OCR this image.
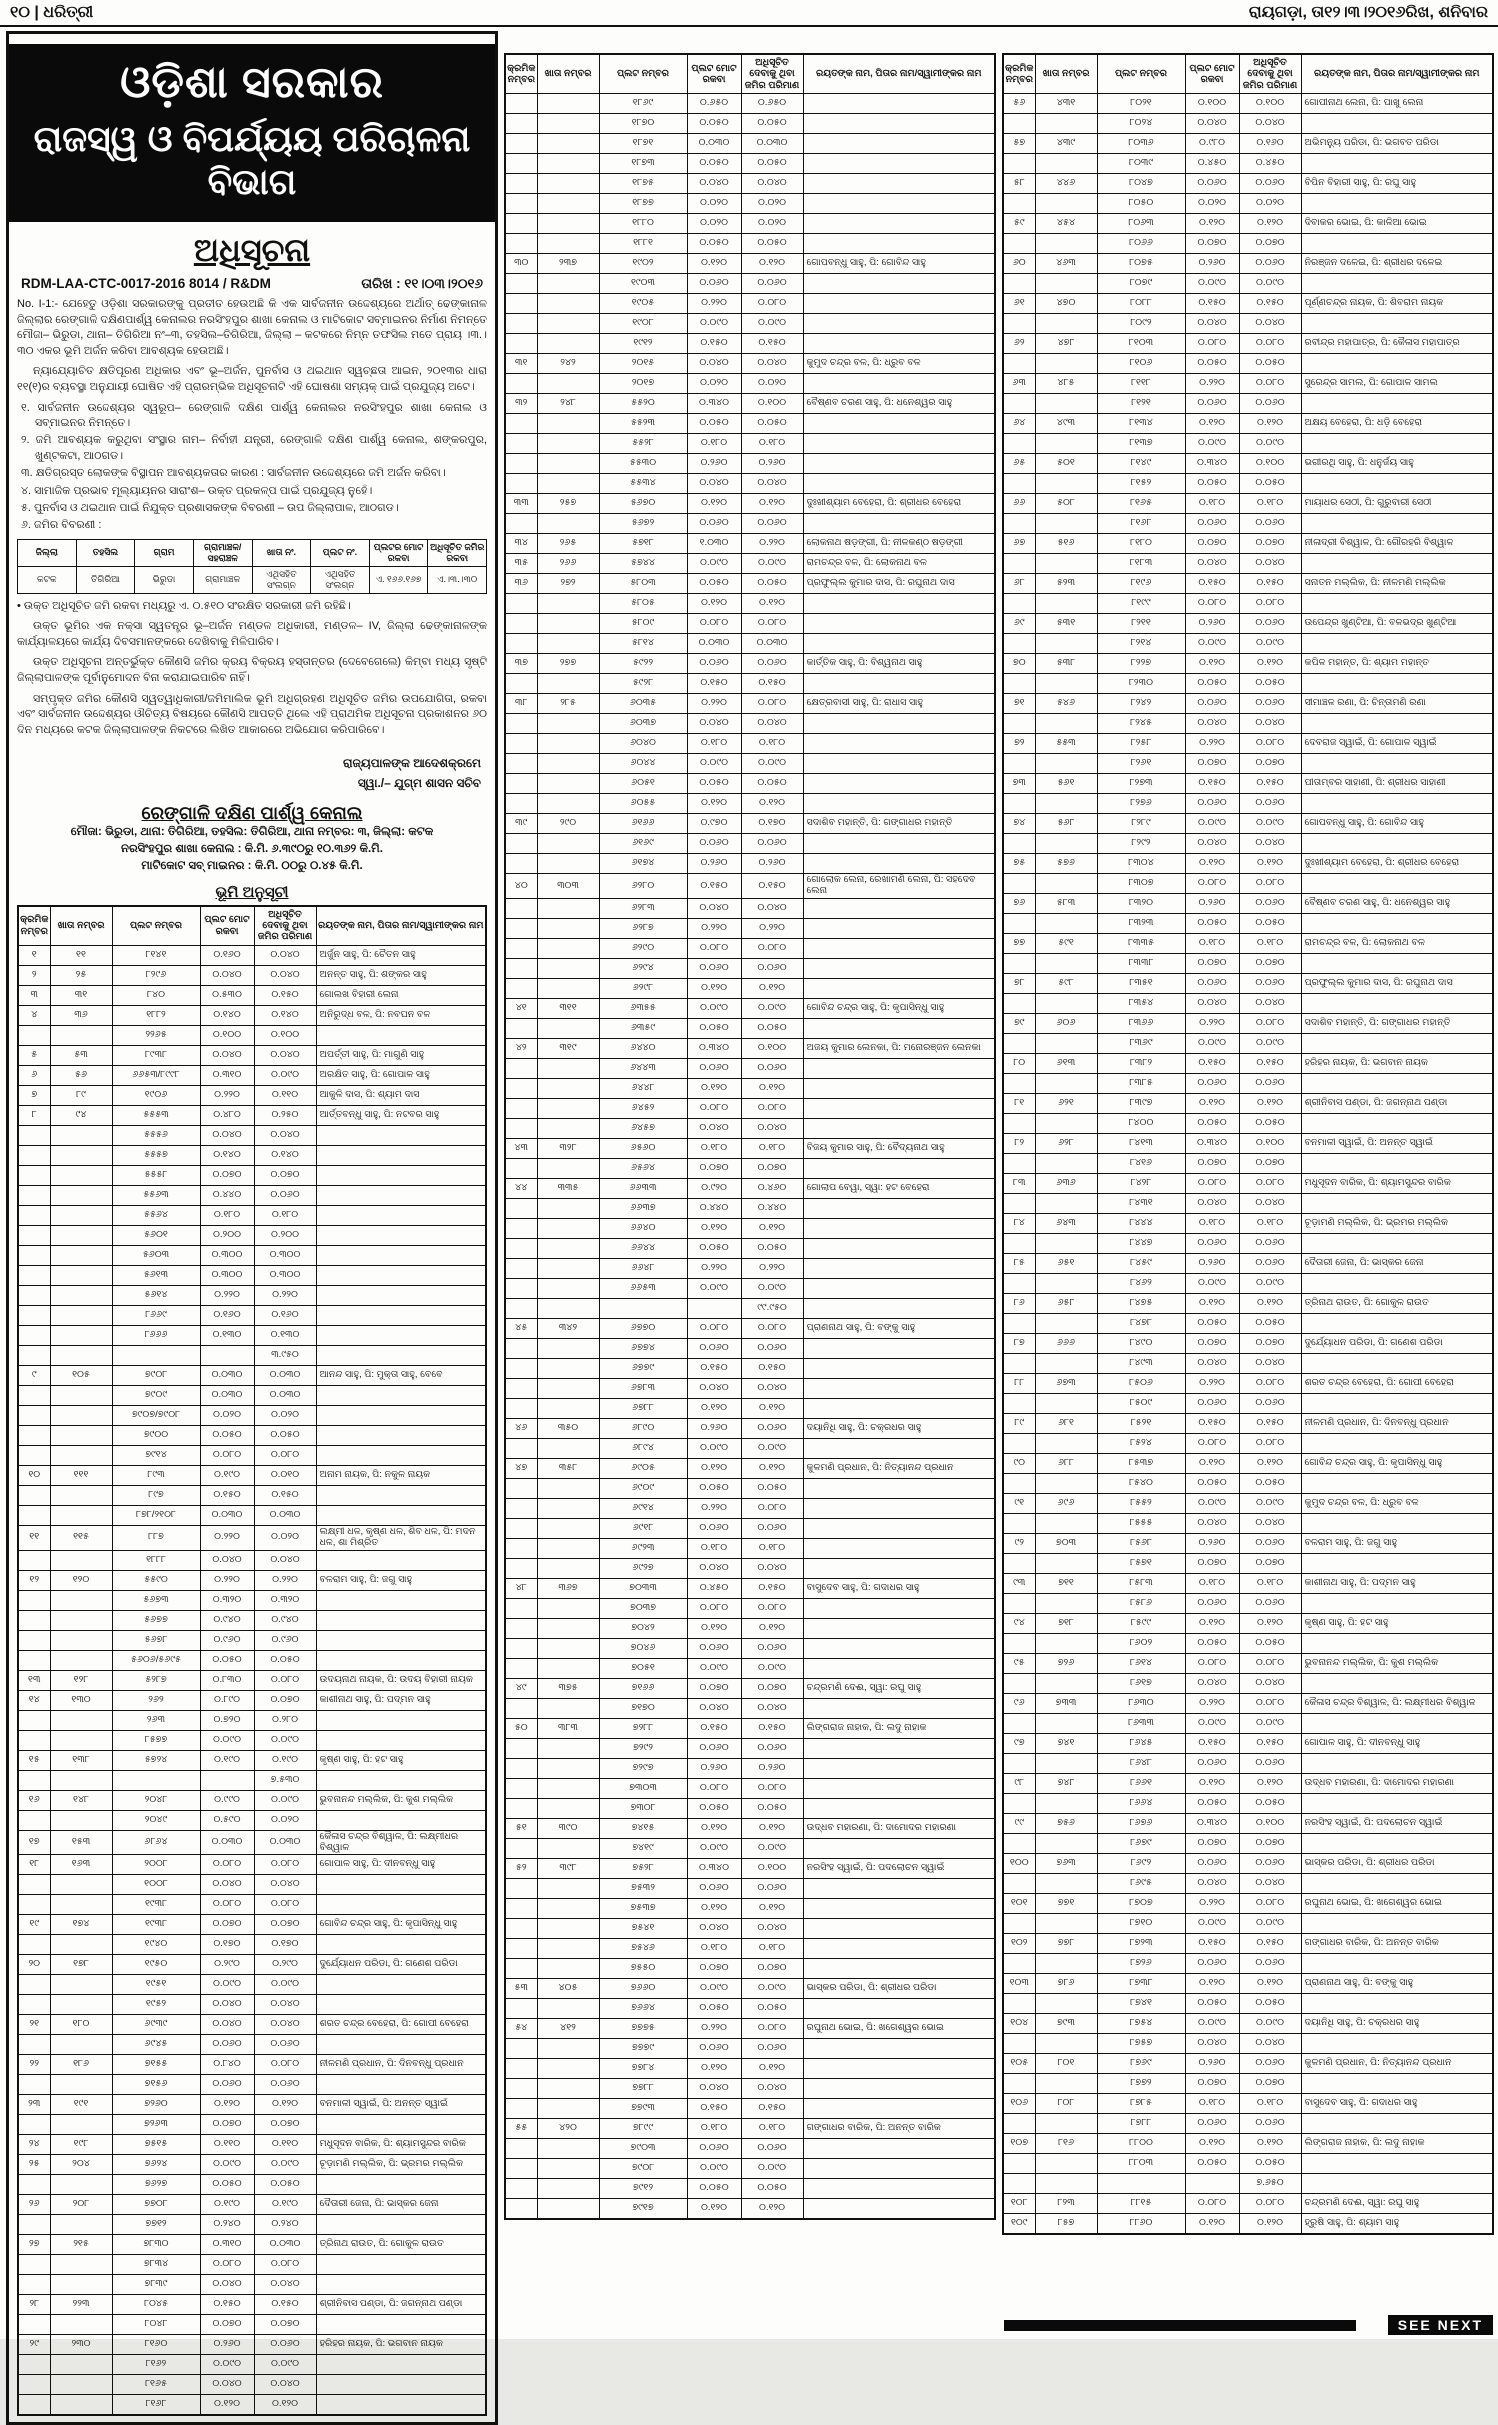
୧୦ | ଧରିତ୍ରୀ	ରାୟଗଡ଼ା, ତା୧୨।୩।୨୦୧୬ରିଖ, ଶନିବାର
ଓଡ଼ିଶା ସରକାର
ରାଜସ୍ୱ ଓ ବିପର୍ଯ୍ୟୟ ପରିଚାଳନା ବିଭାଗ
ଅଧିସୂଚନା
RDM-LAA-CTC-0017-2016 8014 / R&DM	ତାରିଖ : ୧୧।୦୩।୨୦୧୬
No. I-1:- ଯେହେତୁ ଓଡ଼ିଶା ସରକାରଙ୍କୁ ପ୍ରତୀତ ହେଉଅଛି କି ଏକ ସାର୍ବଜନୀନ ଉଦ୍ଦେଶ୍ୟରେ ଅର୍ଥାତ୍ ଢେଙ୍କାନାଳ ଜିଲ୍ଲାର ରେଙ୍ଗାଳି ଦକ୍ଷିଣପାର୍ଶ୍ୱ କେନାଲର ନରସିଂହପୁର ଶାଖା କେନାଲ ଓ ମାଟିକୋଟ ସବ୍‌ମାଇନର ନିର୍ମାଣ ନିମନ୍ତେ ମୌଜା– ଭିରୁଡା, ଥାନା– ତିଗିରିଆ ନଂ–୩, ତହସିଲ–ତିଗିରିଆ, ଜିଲ୍ଲା – କଟକରେ ନିମ୍ନ ତଫସିଲ ମତେ ପ୍ରାୟ ।୩.।୩୦ ଏକର ଭୂମି ଅର୍ଜନ କରିବା ଆବଶ୍ୟକ ହେଉଅଛି।
ନ୍ୟାଯ୍ୟୋଚିତ କ୍ଷତିପୂରଣ ଅଧିକାର ଏବଂ ଭୂ–ଅର୍ଜନ, ପୁନର୍ବାସ ଓ ଥଇଥାନ ସ୍ୱଚ୍ଛତା ଆଇନ, ୨୦୧୩ର ଧାରା ୧୧(୧)ର ବ୍ୟବସ୍ଥା ଅନୁଯାୟୀ ଘୋଷିତ ଏହି ପ୍ରାରମ୍ଭିକ ଅଧିସୂଚନାଟି ଏହି ଘୋଷଣା ସମ୍ୟକ୍ ପାଇଁ ପ୍ରଯୁଜ୍ୟ ଅଟେ।
୧. ସାର୍ବଜନୀନ ଉଦ୍ଦେଶ୍ୟର ସ୍ୱରୂପ– ରେଙ୍ଗାଳି ଦକ୍ଷିଣ ପାର୍ଶ୍ୱ କେନାଲର ନରସିଂହପୁର ଶାଖା କେନାଲ ଓ ସବ୍‌ମାଇନର ନିମନ୍ତେ।
୨. ଜମି ଆବଶ୍ୟକ କରୁଥିବା ସଂସ୍ଥାର ନାମ– ନିର୍ବାହୀ ଯନ୍ତ୍ରୀ, ରେଙ୍ଗାଳି ଦକ୍ଷିଣ ପାର୍ଶ୍ୱ କେନାଲ, ଶଙ୍କରପୁର, ଖୁଣ୍ଟକଟା, ଆଠଗଡ।
୩. କ୍ଷତିଗ୍ରସ୍ତ ଲୋକଙ୍କ ବିସ୍ଥାପନ ଆବଶ୍ୟକତାର କାରଣ : ସାର୍ବଜନୀନ ଉଦ୍ଦେଶ୍ୟରେ ଜମି ଅର୍ଜନ କରିବା।
୪. ସାମାଜିକ ପ୍ରଭାବ ମୂଲ୍ୟାୟନର ସାରାଂଶ– ଉକ୍ତ ପ୍ରକଳ୍ପ ପାଇଁ ପ୍ରଯୁଜ୍ୟ ନୁହେଁ।
୫. ପୁନର୍ବାସ ଓ ଥଇଥାନ ପାଇଁ ନିଯୁକ୍ତ ପ୍ରଶାସକଙ୍କ ବିବରଣୀ – ଉପ ଜିଲ୍ଲାପାଳ, ଆଠଗଡ।
୬. ଜମିର ବିବରଣୀ :
ଜିଲ୍ଲା	ତହସିଲ	ଗ୍ରାମ	ଗ୍ରାମାଞ୍ଚଳ/ସହରାଞ୍ଚଳ	ଖାତା ନଂ.	ପ୍ଲଟ ନଂ.	ପ୍ଲଟର ମୋଟ ରକବା	ଅଧିସୂଚିତ ଜମିର ରକବା
କଟକ	ତିଗିରିଆ	ଭିରୁଡା	ଗ୍ରାମାଞ୍ଚଳ	ଏଥିସହିତ ସଂଲଗ୍ନ	ଏଥିସହିତ ସଂଲଗ୍ନ	ଏ. ୧୬୬.୧୬୭	ଏ.।୩.।୩୦
• ଉକ୍ତ ଅଧିସୂଚିତ ଜମି ରକବା ମଧ୍ୟରୁ ଏ. ୦.୫୧୦ ସଂରକ୍ଷିତ ସରକାରୀ ଜମି ରହିଛି।
ଉକ୍ତ ଭୂମିର ଏକ ନକ୍ସା ସ୍ୱତନ୍ତ୍ର ଭୂ–ଅର୍ଜନ ମଣ୍ଡଳ ଅଧିକାରୀ, ମଣ୍ଡଳ– IV, ଜିଲ୍ଲା ଢେଙ୍କାନାଳଙ୍କ କାର୍ଯ୍ୟାଳୟରେ କାର୍ଯ୍ୟ ଦିବସମାନଙ୍କରେ ଦେଖିବାକୁ ମିଳିପାରିବ।
ଉକ୍ତ ଅଧିସୂଚନା ଅନ୍ତର୍ଭୁକ୍ତ କୌଣସି ଜମିର କ୍ରୟ ବିକ୍ରୟ ହସ୍ତାନ୍ତର (ଦେବେଗେଲେ) କିମ୍ବା ମଧ୍ୟ ସୃଷ୍ଟି ଜିଲ୍ଲାପାଳଙ୍କ ପୂର୍ବାନୁମୋଦନ ବିନା କରାଯାଇପାରିବ ନାହିଁ।
ସମ୍ପୃକ୍ତ ଜମିର କୌଣସି ସ୍ୱତ୍ୱାଧିକାରୀ/ଜମିମାଲିକ ଭୂମି ଅଧିଗ୍ରହଣ ଅଧିସୂଚିତ ଜମିର ଉପଯୋଗିତା, ରକବା ଏବଂ ସାର୍ବଜନୀନ ଉଦ୍ଦେଶ୍ୟର ଔଚିତ୍ୟ ବିଷୟରେ କୌଣସି ଆପତ୍ତି ଥିଲେ ଏହି ପ୍ରାଥମିକ ଅଧିସୂଚନା ପ୍ରକାଶନର ୬୦ ଦିନ ମଧ୍ୟରେ କଟକ ଜିଲ୍ଲାପାଳଙ୍କ ନିକଟରେ ଲିଖିତ ଆକାରରେ ଅଭିଯୋଗ କରିପାରିବେ।
ରାଜ୍ୟପାଳଙ୍କ ଆଦେଶକ୍ରମେ
ସ୍ୱା./– ଯୁଗ୍ମ ଶାସନ ସଚିବ
ରେଙ୍ଗାଳି ଦକ୍ଷିଣ ପାର୍ଶ୍ୱ କେନାଲ
ମୌଜା: ଭିରୁଡା, ଥାନା: ତିଗିରିଆ, ତହସିଲ: ତିଗିରିଆ, ଥାନା ନମ୍ବର: ୩, ଜିଲ୍ଲା: କଟକ
ନରସିଂହପୁର ଶାଖା କେନାଲ : କି.ମି. ୬.୩୯୦ରୁ ୧୦.୩୬୨ କି.ମି.
ମାଟିକୋଟ ସବ୍ ମାଇନର : କି.ମି. ୦୦ରୁ ୦.୪୫ କି.ମି.
ଭୂମି ଅନୁସୂଚୀ
କ୍ରମିକ ନମ୍ବର	ଖାତା ନମ୍ବର	ପ୍ଲଟ ନମ୍ବର	ପ୍ଲଟ ମୋଟ ରକବା	ଅଧିସୂଚିତ ଦେବାକୁ ଥିବା ଜମିର ପରିମାଣ	ରୟତଙ୍କ ନାମ, ପିତାର ନାମ/ସ୍ୱାମୀଙ୍କର ନାମ
୧	୧୧	୮୧୪୧	୦.୧୬୦	୦.୦୪୦	ଅର୍ଜୁନ ସାହୁ, ପି: ଚୈତନ ସାହୁ
୨	୨୫	୮୨୯୬	୦.୦୪୦	୦.୦୪୦	ଅନନ୍ତ ସାହୁ, ପି: ଶଙ୍କର ସାହୁ
୩	୩୧	୮୪୦	୦.୫୩୦	୦.୧୫୦	ଗୋଲଖ ବିହାରୀ ଲେନା
୪	୩୬	୧୮୮୨	୦.୧୪୦	୦.୧୪୦	ଅନିରୁଦ୍ଧ ବଳ, ପି: ନବଘନ ବଳ
		୨୨୬୫	୦.୧୦୦	୦.୧୦୦	
୫	୫୩	୮୯୩୮	୦.୦୪୦	୦.୦୪୦	ଅପର୍ତ୍ତୀ ସାହୁ, ପି: ମାଗୁଣି ସାହୁ
୬	୫୬	୬୬୫୩/୮୯୯୮	୦.୩୧୦	୦.୦୯୦	ଅରକ୍ଷିତ ସାହୁ, ପି: ଗୋପାଳ ସାହୁ
୭	୮୯	୧୯୦୬	୦.୨୨୦	୦.୧୧୦	ଆକୁଳି ଦାସ, ପି: ଶ୍ୟାମ ଦାସ
୮	୯୪	୫୫୫୩	୦.୪୮୦	୦.୨୫୦	ଆର୍ତ୍ତବନ୍ଧୁ ସାହୁ, ପି: ନଟବର ସାହୁ
		୫୫୫୬	୦.୦୪୦	୦.୦୪୦	
		୫୫୫୭	୦.୧୪୦	୦.୧୪୦	
		୫୫୫୮	୦.୦୭୦	୦.୦୭୦	
		୫୫୬୩	୦.୪୪୦	୦.୦୬୦	
		୫୫୬୪	୦.୧୮୦	୦.୧୮୦	
		୫୬୦୧	୦.୨୦୦	୦.୨୦୦	
		୫୬୦୩	୦.୩୦୦	୦.୩୦୦	
		୫୬୧୩	୦.୩୦୦	୦.୩୦୦	
		୫୬୧୪	୦.୨୨୦	୦.୨୨୦	
		୮୬୬୯	୦.୧୬୦	୦.୧୬୦	
		୮୬୬୬	୦.୧୩୦	୦.୧୩୦	
				୩.୯୫୦	
୯	୧୦୫	୭୯୦୮	୦.୦୩୦	୦.୦୩୦	ଆନନ୍ଦ ସାହୁ, ପି: ମୁକ୍ତା ସାହୁ, ବେବେ
		୭୯୦୯	୦.୦୩୦	୦.୦୩୦	
		୭୯୦୭/୭୯୦୮	୦.୦୨୦	୦.୦୨୦	
		୭୯୦୦	୦.୦୫୦	୦.୦୫୦	
		୭୯୧୪	୦.୦୮୦	୦.୦୮୦	
୧୦	୧୧୧	୮୯୩	୦.୧୯୦	୦.୦୧୦	ଅନାମ ନାୟକ, ପି: ନକୁଳ ନାୟକ
		୮୯୭	୦.୧୫୦	୦.୧୫୦	
		୮୭୮/୨୧୦୮	୦.୦୩୦	୦.୦୩୦	
୧୧	୧୧୫	୮୮୭	୦.୨୨୦	୦.୦୨୦	ଲକ୍ଷ୍ମୀ ଧଳ, କୃଷ୍ଣ ଧଳ, ଶିବ ଧଳ, ପି: ମଦନ ଧଳ, ଶା ମିଶ୍ରିତ
		୧୮୮୮	୦.୦୪୦	୦.୦୪୦	
୧୨	୧୨୦	୫୫୯୦	୦.୨୨୦	୦.୨୨୦	ବଳରାମ ସାହୁ, ପି: ଜଗୁ ସାହୁ
		୫୬୭୩	୦.୩୨୦	୦.୩୨୦	
		୫୬୭୭	୦.୯୪୦	୦.୯୪୦	
		୫୬୭୮	୦.୯୬୦	୦.୯୬୦	
		୫୬୦୬/୫୬୯୫	୦.୦୫୦	୦.୦୫୦	
୧୩	୧୨୮	୫୨୮୭	୦.୮୩୦	୦.୦୮୦	ଉଦୟନାଥ ନାୟକ, ପି: ଉଦୟ ବିହାରୀ ନାୟକ
୧୪	୧୩୦	୨୬୨	୦.୮୯୦	୦.୦୭୦	କାଶୀନାଥ ସାହୁ, ପି: ପଦ୍ମନ ସାହୁ
		୨୬୩	୦.୭୨୦	୦.୨୮୦	
		୮୫୭୭	୦.୦୯୦	୦.୦୯୦	
୧୫	୧୩୮	୫୭୨୪	୦.୧୯୦	୦.୧୯୦	କୃଷ୍ଣ ସାହୁ, ପି: ହଟ ସାହୁ
				୭.୫୩୦	
୧୬	୧୪୮	୨୦୪୮	୦.୯୯୦	୦.୦୯୦	ଭୁବନାନନ୍ଦ ମଲ୍ଲିକ, ପି: କୁଶ ମଲ୍ଲିକ
		୨୦୪୯	୦.୫୯୦	୦.୦୨୦	
୧୭	୧୫୩	୬୮୬୪	୦.୦୩୦	୦.୦୩୦	କୈଳାସ ଚନ୍ଦ୍ର ବିଶ୍ୱାଳ, ପି: ଲକ୍ଷ୍ମୀଧର ବିଶ୍ୱାଳ
୧୮	୧୬୩	୨୦୦୮	୦.୦୮୦	୦.୦୮୦	ଗୋପାଳ ସାହୁ, ପି: ଦୀନବନ୍ଧୁ ସାହୁ
		୧୦୦୮	୦.୦୪୦	୦.୦୪୦	
		୧୯୩୮	୦.୦୮୦	୦.୦୮୦	
୧୯	୧୭୪	୧୯୩୮	୦.୦୭୦	୦.୦୭୦	ଗୋବିନ୍ଦ ଚନ୍ଦ୍ର ସାହୁ, ପି: କୃପାସିନ୍ଧୁ ସାହୁ
		୧୯୪୦	୦.୧୭୦	୦.୧୭୦	
୨୦	୧୭୮	୧୯୫୦	୦.୨୯୦	୦.୨୯୦	ଦୁର୍ଯ୍ୟୋଧନ ପରିଡା, ପି: ଗଣେଶ ପରିଡା
		୧୯୫୧	୦.୦୯୦	୦.୦୯୦	
		୧୯୫୨	୦.୦୪୦	୦.୦୪୦	
୨୧	୧୮୦	୬୯୩୯	୦.୦୪୦	୦.୦୪୦	ଶରତ ଚନ୍ଦ୍ର ବେହେରା, ପି: ଗୋପୀ ବେହେରା
		୬୯୪୫	୦.୦୬୦	୦.୦୬୦	
୨୨	୧୮୬	୭୧୫୫	୦.୮୪୦	୦.୦୮୦	ନୀଳମଣି ପ୍ରଧାନ, ପି: ଦିନବନ୍ଧୁ ପ୍ରଧାନ
		୭୧୫୬	୦.୦୬୦	୦.୦୬୦	
୨୩	୧୯୧	୭୨୬୦	୦.୧୨୦	୦.୧୨୦	ବନମାଳୀ ସ୍ୱାଇଁ, ପି: ଅନନ୍ତ ସ୍ୱାଇଁ
		୭୨୬୩	୦.୦୭୦	୦.୦୭୦	
୨୪	୧୯୮	୭୫୧୫	୦.୧୧୦	୦.୧୧୦	ମଧୁସୂଦନ ବାରିକ, ପି: ଶ୍ୟାମସୁନ୍ଦର ବାରିକ
୨୫	୨୦୪	୭୬୨୪	୦.୦୯୦	୦.୦୯୦	ଚୂଡ଼ାମଣି ମଲ୍ଲିକ, ପି: ଭ୍ରମର ମଲ୍ଲିକ
		୭୬୨୭	୦.୦୫୦	୦.୦୫୦	
୨୬	୨୦୮	୭୭୦୮	୦.୧୯୦	୦.୧୯୦	ଦୈତାରୀ ଜେନା, ପି: ଭାସ୍କର ଜେନା
		୭୭୧୨	୦.୨୪୦	୦.୨୪୦	
୨୭	୨୧୫	୭୮୩୦	୦.୩୧୦	୦.୦୩୦	ତ୍ରିନାଥ ରାଉତ, ପି: ଗୋକୁଳ ରାଉତ
		୭୮୩୪	୦.୦୮୦	୦.୦୮୦	
		୭୮୩୯	୦.୦୪୦	୦.୦୪୦	
୨୮	୨୨୩	୮୦୪୫	୦.୧୫୦	୦.୧୫୦	ଶ୍ରୀନିବାସ ପଣ୍ଡା, ପି: ଜଗନ୍ନାଥ ପଣ୍ଡା
		୮୦୪୮	୦.୦୭୦	୦.୦୭୦	
୨୯	୨୩୦	୮୧୬୦	୦.୨୬୦	୦.୦୬୦	ହରିହର ନାୟକ, ପି: ଭଗବାନ ନାୟକ
		୮୧୬୨	୦.୦୯୦	୦.୦୯୦	
		୮୧୬୫	୦.୦୪୦	୦.୦୪୦	
		୮୧୬୮	୦.୧୨୦	୦.୧୨୦	
କ୍ରମିକ ନମ୍ବର	ଖାତା ନମ୍ବର	ପ୍ଲଟ ନମ୍ବର	ପ୍ଲଟ ମୋଟ ରକବା	ଅଧିସୂଚିତ ଦେବାକୁ ଥିବା ଜମିର ପରିମାଣ	ରୟତଙ୍କ ନାମ, ପିତାର ନାମ/ସ୍ୱାମୀଙ୍କର ନାମ
		୧୮୬୯	୦.୬୫୦	୦.୬୫୦	
		୧୮୭୦	୦.୦୫୦	୦.୦୫୦	
		୧୮୭୧	୦.୦୩୦	୦.୦୩୦	
		୧୮୭୩	୦.୦୫୦	୦.୦୫୦	
		୧୮୭୫	୦.୦୪୦	୦.୦୪୦	
		୧୮୭୭	୦.୦୨୦	୦.୦୨୦	
		୧୮୮୦	୦.୦୨୦	୦.୦୨୦	
		୧୮୮୧	୦.୦୫୦	୦.୦୫୦	
୩୦	୨୩୭	୧୯୦୨	୦.୧୨୦	୦.୧୨୦	ଗୋପବନ୍ଧୁ ସାହୁ, ପି: ଗୋବିନ୍ଦ ସାହୁ
		୧୯୦୩	୦.୦୬୦	୦.୦୬୦	
		୧୯୦୫	୦.୨୨୦	୦.୦୮୦	
		୧୯୦୮	୦.୦୯୦	୦.୦୯୦	
		୧୯୧୨	୦.୧୫୦	୦.୧୫୦	
୩୧	୨୪୨	୨୦୧୫	୦.୦୪୦	୦.୦୪୦	କୁମୁଦ ଚନ୍ଦ୍ର ବଳ, ପି: ଧ୍ରୁବ ବଳ
		୨୦୧୭	୦.୦୨୦	୦.୦୨୦	
୩୨	୨୪୮	୫୫୨୦	୦.୩୪୦	୦.୧୦୦	ବୈଷ୍ଣବ ଚରଣ ସାହୁ, ପି: ଧନେଶ୍ୱର ସାହୁ
		୫୫୨୩	୦.୦୫୦	୦.୦୫୦	
		୫୫୨୮	୦.୧୮୦	୦.୧୮୦	
		୫୫୩୦	୦.୨୬୦	୦.୨୬୦	
		୫୫୩୪	୦.୦୪୦	୦.୦୪୦	
୩୩	୨୫୭	୫୬୭୦	୦.୧୨୦	୦.୧୨୦	ଦୁଃଖୀଶ୍ୟାମ ବେହେରା, ପି: ଶ୍ରୀଧର ବେହେରା
		୫୬୭୨	୦.୦୬୦	୦.୦୬୦	
୩୪	୨୬୫	୫୭୧୮	୧.୦୩୦	୦.୨୨୦	ଲୋକନାଥ ଷଡ଼ଙ୍ଗୀ, ପି: ନୀଳକଣ୍ଠ ଷଡ଼ଙ୍ଗୀ
୩୫	୨୬୬	୫୭୪୪	୦.୦୯୦	୦.୦୯୦	ରାମଚନ୍ଦ୍ର ବଳ, ପି: ଲୋକନାଥ ବଳ
୩୬	୨୭୨	୫୮୦୩	୦.୦୫୦	୦.୦୫୦	ପ୍ରଫୁଲ୍ଲ କୁମାର ଦାସ, ପି: ରଘୁନାଥ ଦାସ
		୫୮୦୫	୦.୧୨୦	୦.୧୨୦	
		୫୮୦୯	୦.୦୮୦	୦.୦୮୦	
		୫୮୧୪	୦.୦୩୦	୦.୦୩୦	
୩୭	୨୭୭	୫୯୨୨	୦.୦୬୦	୦.୦୬୦	କାର୍ତ୍ତିକ ସାହୁ, ପି: ବିଶ୍ୱନାଥ ସାହୁ
		୫୯୨୮	୦.୧୫୦	୦.୧୫୦	
୩୮	୨୮୫	୬୦୩୫	୦.୨୨୦	୦.୦୮୦	କ୍ଷେତ୍ରବାସୀ ସାହୁ, ପି: ରାଧାସ ସାହୁ
		୬୦୩୭	୦.୦୪୦	୦.୦୪୦	
		୬୦୪୦	୦.୧୮୦	୦.୧୮୦	
		୬୦୪୪	୦.୦୯୦	୦.୦୯୦	
		୬୦୫୧	୦.୦୫୦	୦.୦୫୦	
		୬୦୫୫	୦.୧୨୦	୦.୧୨୦	
୩୯	୨୯୦	୬୧୬୬	୦.୯୭୦	୦.୧୭୦	ସଦାଶିବ ମହାନ୍ତି, ପି: ଗଙ୍ଗାଧର ମହାନ୍ତି
		୬୧୬୯	୦.୦୬୦	୦.୦୬୦	
		୬୧୭୪	୦.୨୬୦	୦.୨୬୦	
୪୦	୩୦୩	୬୨୮୦	୦.୧୫୦	୦.୧୫୦	ଗୋଲୋକ ଲେନା, ରେଖାମଣି ଲେନା, ପି: ସହଦେବ ଲେନା
		୬୨୮୩	୦.୦୪୦	୦.୦୪୦	
		୬୨୮୭	୦.୨୨୦	୦.୨୨୦	
		୬୨୯୦	୦.୦୮୦	୦.୦୮୦	
		୬୨୯୪	୦.୦୬୦	୦.୦୬୦	
		୬୨୯୮	୦.୧୨୦	୦.୧୨୦	
୪୧	୩୧୧	୬୩୫୫	୦.୦୯୦	୦.୦୯୦	ଗୋବିନ୍ଦ ଚନ୍ଦ୍ର ସାହୁ, ପି: କୃପାସିନ୍ଧୁ ସାହୁ
		୬୩୫୯	୦.୦୫୦	୦.୦୫୦	
୪୨	୩୧୯	୬୪୪୦	୦.୩୪୦	୦.୧୦୦	ଅଜୟ କୁମାର ଲେନକା, ପି: ମନୋରଞ୍ଜନ ଲେନକା
		୬୪୪୩	୦.୦୬୦	୦.୦୬୦	
		୬୪୪୮	୦.୧୨୦	୦.୧୨୦	
		୬୪୫୨	୦.୦୮୦	୦.୦୮୦	
		୬୪୫୭	୦.୦୪୦	୦.୦୪୦	
୪୩	୩୨୮	୬୫୬୦	୦.୧୮୦	୦.୧୮୦	ବିଜୟ କୁମାର ସାହୁ, ପି: ବୈଦ୍ୟନାଥ ସାହୁ
		୬୫୬୪	୦.୦୭୦	୦.୦୭୦	
୪୪	୩୩୫	୬୬୩୩	୦.୯୨୦	୦.୪୬୦	ଗୋଲାପ ବେୱା, ସ୍ୱା: ହଟ ବେହେରା
		୬୬୩୭	୦.୪୪୦	୦.୪୪୦	
		୬୬୪୦	୦.୧୨୦	୦.୧୨୦	
		୬୬୪୪	୦.୦୫୦	୦.୦୫୦	
		୬୬୪୮	୦.୨୨୦	୦.୨୨୦	
		୬୬୫୩	୦.୦୯୦	୦.୦୯୦	
				୯୯.୯୫୦	
୪୫	୩୪୨	୬୭୭୦	୦.୦୮୦	୦.୦୮୦	ପ୍ରାଣନାଥ ସାହୁ, ପି: ବଙ୍କୁ ସାହୁ
		୬୭୭୪	୦.୦୬୦	୦.୦୬୦	
		୬୭୭୯	୦.୧୫୦	୦.୧୫୦	
		୬୭୮୩	୦.୦୪୦	୦.୦୪୦	
		୬୭୮୮	୦.୧୨୦	୦.୧୨୦	
୪୬	୩୫୦	୬୮୯୦	୦.୨୬୦	୦.୦୬୦	ଦୟାନିଧି ସାହୁ, ପି: ଚକ୍ରଧର ସାହୁ
		୬୮୯୪	୦.୦୯୦	୦.୦୯୦	
୪୭	୩୫୮	୬୯୦୫	୦.୧୨୦	୦.୧୨୦	କୁଳମଣି ପ୍ରଧାନ, ପି: ନିତ୍ୟାନନ୍ଦ ପ୍ରଧାନ
		୬୯୦୯	୦.୦୫୦	୦.୦୫୦	
		୬୯୧୪	୦.୨୨୦	୦.୦୮୦	
		୬୯୧୮	୦.୦୬୦	୦.୦୬୦	
		୬୯୨୩	୦.୧୮୦	୦.୧୮୦	
		୬୯୨୭	୦.୦୪୦	୦.୦୪୦	
୪୮	୩୬୭	୭୦୩୩	୦.୪୫୦	୦.୧୫୦	ବାସୁଦେବ ସାହୁ, ପି: ଗଦାଧର ସାହୁ
		୭୦୩୭	୦.୦୮୦	୦.୦୮୦	
		୭୦୪୨	୦.୧୨୦	୦.୧୨୦	
		୭୦୪୬	୦.୦୬୦	୦.୦୬୦	
		୭୦୫୧	୦.୦୯୦	୦.୦୯୦	
୪୯	୩୭୫	୭୧୬୬	୦.୦୭୦	୦.୦୭୦	ଚନ୍ଦ୍ରମଣି ଦେଈ, ସ୍ୱା: ରଘୁ ସାହୁ
		୭୧୭୦	୦.୦୪୦	୦.୦୪୦	
୫୦	୩୮୩	୭୨୮୮	୦.୧୫୦	୦.୧୫୦	ଲିଙ୍ଗରାଜ ନାହାକ, ପି: ଲଦୁ ନାହାକ
		୭୨୯୨	୦.୦୬୦	୦.୦୬୦	
		୭୨୯୭	୦.୨୬୦	୦.୨୬୦	
		୭୩୦୩	୦.୦୮୦	୦.୦୮୦	
		୭୩୦୮	୦.୦୫୦	୦.୦୫୦	
୫୧	୩୯୦	୭୪୧୫	୦.୧୨୦	୦.୧୨୦	ଉଦ୍ଧବ ମହାରଣା, ପି: ଦାମୋଦର ମହାରଣା
		୭୪୧୯	୦.୦୯୦	୦.୦୯୦	
୫୨	୩୯୮	୭୫୨୮	୦.୩୪୦	୦.୧୦୦	ନରସିଂହ ସ୍ୱାଇଁ, ପି: ପଦଲୋଚନ ସ୍ୱାଇଁ
		୭୫୩୨	୦.୦୬୦	୦.୦୬୦	
		୭୫୩୭	୦.୧୨୦	୦.୧୨୦	
		୭୫୪୧	୦.୦୪୦	୦.୦୪୦	
		୭୫୪୬	୦.୧୮୦	୦.୧୮୦	
		୭୫୫୦	୦.୦୭୦	୦.୦୭୦	
୫୩	୪୦୫	୭୬୬୦	୦.୦୯୦	୦.୦୯୦	ଭାସ୍କର ପରିଡା, ପି: ଶ୍ରୀଧର ପରିଡା
		୭୬୬୪	୦.୦୫୦	୦.୦୫୦	
୫୪	୪୧୨	୭୭୭୫	୦.୨୨୦	୦.୦୮୦	ରଘୁନାଥ ଭୋଇ, ପି: ଖଗେଶ୍ୱର ଭୋଇ
		୭୭୭୯	୦.୦୬୦	୦.୦୬୦	
		୭୭୮୪	୦.୧୨୦	୦.୧୨୦	
		୭୭୮୮	୦.୦୪୦	୦.୦୪୦	
		୭୭୯୩	୦.୧୫୦	୦.୧୫୦	
୫୫	୪୨୦	୭୮୯୯	୦.୧୮୦	୦.୧୮୦	ଗଙ୍ଗାଧର ବାରିକ, ପି: ଅନନ୍ତ ବାରିକ
		୭୯୦୩	୦.୦୬୦	୦.୦୬୦	
		୭୯୦୮	୦.୦୯୦	୦.୦୯୦	
		୭୯୧୨	୦.୦୫୦	୦.୦୫୦	
		୭୯୧୭	୦.୧୨୦	୦.୧୨୦	
କ୍ରମିକ ନମ୍ବର	ଖାତା ନମ୍ବର	ପ୍ଲଟ ନମ୍ବର	ପ୍ଲଟ ମୋଟ ରକବା	ଅଧିସୂଚିତ ଦେବାକୁ ଥିବା ଜମିର ପରିମାଣ	ରୟତଙ୍କ ନାମ, ପିତାର ନାମ/ସ୍ୱାମୀଙ୍କର ନାମ
୫୬	୪୩୧	୮୦୨୧	୦.୧୦୦	୦.୧୦୦	ଗୋପୀନାଥ ଲେନା, ପି: ପାଖୁ ଲେନା
		୮୦୨୪	୦.୦୪୦	୦.୦୪୦	
୫୭	୪୩୯	୮୦୩୬	୦.୯୮୦	୦.୧୬୦	ଅଭିମନ୍ୟୁ ପରିଡା, ପି: ଭଗବତ ପରିଡା
		୮୦୩୯	୦.୪୫୦	୦.୪୫୦	
୫୮	୪୪୬	୮୦୪୭	୦.୦୬୦	୦.୦୬୦	ବିପିନ ବିହାରୀ ସାହୁ, ପି: ରଘୁ ସାହୁ
		୮୦୫୦	୦.୦୨୦	୦.୦୨୦	
୫୯	୪୫୪	୮୦୬୩	୦.୧୨୦	୦.୧୨୦	ଦିବାକର ଭୋଇ, ପି: କାଳିଆ ଭୋଇ
		୮୦୬୬	୦.୦୭୦	୦.୦୭୦	
୬୦	୪୬୩	୮୦୭୫	୦.୨୬୦	୦.୦୬୦	ନିରଞ୍ଜନ ଦଳେଇ, ପି: ଶ୍ରୀଧର ଦଳେଇ
		୮୦୭୯	୦.୦୯୦	୦.୦୯୦	
୬୧	୪୭୦	୮୦୮୮	୦.୧୫୦	୦.୧୫୦	ପୂର୍ଣ୍ଣଚନ୍ଦ୍ର ନାୟକ, ପି: ଶିବରାମ ନାୟକ
		୮୦୯୨	୦.୦୪୦	୦.୦୪୦	
୬୨	୪୭୮	୮୧୦୩	୦.୦୮୦	୦.୦୮୦	ରବୀନ୍ଦ୍ର ମହାପାତ୍ର, ପି: କୈଳାସ ମହାପାତ୍ର
		୮୧୦୬	୦.୦୫୦	୦.୦୫୦	
୬୩	୪୮୫	୮୧୧୮	୦.୨୨୦	୦.୦୮୦	ସୁରେନ୍ଦ୍ର ସାମଲ, ପି: ଗୋପାଳ ସାମଲ
		୮୧୨୧	୦.୦୬୦	୦.୦୬୦	
୬୪	୪୯୩	୮୧୩୪	୦.୧୨୦	୦.୧୨୦	ଅକ୍ଷୟ ବେହେରା, ପି: ଧଡ଼ି ବେହେରା
		୮୧୩୭	୦.୦୯୦	୦.୦୯୦	
୬୫	୫୦୧	୮୧୪୯	୦.୩୪୦	୦.୧୦୦	ଭଗୀରଥି ସାହୁ, ପି: ଧନୁର୍ଜୟ ସାହୁ
		୮୧୫୨	୦.୦୫୦	୦.୦୫୦	
୬୬	୫୦୮	୮୧୬୫	୦.୧୮୦	୦.୧୮୦	ମାୟାଧର ସେଠୀ, ପି: ଗୁରୁବାରୀ ସେଠୀ
		୮୧୬୮	୦.୦୬୦	୦.୦୬୦	
୬୭	୫୧୬	୮୧୮୦	୦.୦୭୦	୦.୦୭୦	ନୀଳାଦ୍ରୀ ବିଶ୍ୱାଳ, ପି: ଗୌରହରି ବିଶ୍ୱାଳ
		୮୧୮୩	୦.୦୪୦	୦.୦୪୦	
୬୮	୫୨୩	୮୧୯୬	୦.୧୫୦	୦.୧୫୦	ସନାତନ ମଲ୍ଲିକ, ପି: ନୀଳମଣି ମଲ୍ଲିକ
		୮୧୯୯	୦.୦୮୦	୦.୦୮୦	
୬୯	୫୩୧	୮୨୧୧	୦.୨୬୦	୦.୦୬୦	ଉପେନ୍ଦ୍ର ଖୁଣ୍ଟିଆ, ପି: ବଳଭଦ୍ର ଖୁଣ୍ଟିଆ
		୮୨୧୪	୦.୦୯୦	୦.୦୯୦	
୭୦	୫୩୮	୮୨୨୭	୦.୧୨୦	୦.୧୨୦	କପିଳ ମହାନ୍ତ, ପି: ଶ୍ୟାମ ମହାନ୍ତ
		୮୨୩୦	୦.୦୫୦	୦.୦୫୦	
୭୧	୫୪୬	୮୨୪୨	୦.୦୬୦	୦.୦୬୦	ସୀମାଞ୍ଚଳ ରଣା, ପି: ଚିନ୍ତାମଣି ରଣା
		୮୨୪୫	୦.୦୪୦	୦.୦୪୦	
୭୨	୫୫୩	୮୨୫୮	୦.୨୨୦	୦.୦୮୦	ଦେବରାଜ ସ୍ୱାଇଁ, ପି: ଗୋପାଳ ସ୍ୱାଇଁ
		୮୨୬୧	୦.୦୭୦	୦.୦୭୦	
୭୩	୫୬୧	୮୨୭୩	୦.୧୫୦	୦.୧୫୦	ପୀତାମ୍ବର ସାହାଣୀ, ପି: ଶ୍ରୀଧର ସାହାଣୀ
		୮୨୭୬	୦.୦୬୦	୦.୦୬୦	
୭୪	୫୬୮	୮୨୮୯	୦.୦୯୦	୦.୦୯୦	ଗୋପବନ୍ଧୁ ସାହୁ, ପି: ଗୋବିନ୍ଦ ସାହୁ
		୮୨୯୨	୦.୦୪୦	୦.୦୪୦	
୭୫	୫୭୬	୮୩୦୪	୦.୧୨୦	୦.୧୨୦	ଦୁଃଖୀଶ୍ୟାମ ବେହେରା, ପି: ଶ୍ରୀଧର ବେହେରା
		୮୩୦୭	୦.୦୮୦	୦.୦୮୦	
୭୬	୫୮୩	୮୩୨୦	୦.୨୬୦	୦.୦୬୦	ବୈଷ୍ଣବ ଚରଣ ସାହୁ, ପି: ଧନେଶ୍ୱର ସାହୁ
		୮୩୨୩	୦.୦୫୦	୦.୦୫୦	
୭୭	୫୯୧	୮୩୩୫	୦.୧୮୦	୦.୧୮୦	ରାମଚନ୍ଦ୍ର ବଳ, ପି: ଲୋକନାଥ ବଳ
		୮୩୩୮	୦.୦୭୦	୦.୦୭୦	
୭୮	୫୯୮	୮୩୫୧	୦.୦୬୦	୦.୦୬୦	ପ୍ରଫୁଲ୍ଲ କୁମାର ଦାସ, ପି: ରଘୁନାଥ ଦାସ
		୮୩୫୪	୦.୦୪୦	୦.୦୪୦	
୭୯	୬୦୬	୮୩୬୬	୦.୨୨୦	୦.୦୮୦	ସଦାଶିବ ମହାନ୍ତି, ପି: ଗଙ୍ଗାଧର ମହାନ୍ତି
		୮୩୬୯	୦.୦୯୦	୦.୦୯୦	
୮୦	୬୧୩	୮୩୮୨	୦.୧୫୦	୦.୧୫୦	ହରିହର ନାୟକ, ପି: ଭଗବାନ ନାୟକ
		୮୩୮୫	୦.୦୬୦	୦.୦୬୦	
୮୧	୬୨୧	୮୩୯୭	୦.୧୨୦	୦.୧୨୦	ଶ୍ରୀନିବାସ ପଣ୍ଡା, ପି: ଜଗନ୍ନାଥ ପଣ୍ଡା
		୮୪୦୦	୦.୦୫୦	୦.୦୫୦	
୮୨	୬୨୮	୮୪୧୩	୦.୩୪୦	୦.୧୦୦	ବନମାଳୀ ସ୍ୱାଇଁ, ପି: ଅନନ୍ତ ସ୍ୱାଇଁ
		୮୪୧୬	୦.୦୭୦	୦.୦୭୦	
୮୩	୬୩୬	୮୪୨୮	୦.୦୮୦	୦.୦୮୦	ମଧୁସୂଦନ ବାରିକ, ପି: ଶ୍ୟାମସୁନ୍ଦର ବାରିକ
		୮୪୩୧	୦.୦୪୦	୦.୦୪୦	
୮୪	୬୪୩	୮୪୪୪	୦.୧୮୦	୦.୧୮୦	ଚୂଡ଼ାମଣି ମଲ୍ଲିକ, ପି: ଭ୍ରମର ମଲ୍ଲିକ
		୮୪୪୭	୦.୦୬୦	୦.୦୬୦	
୮୫	୬୫୧	୮୪୫୯	୦.୨୬୦	୦.୦୬୦	ଦୈତାରୀ ଜେନା, ପି: ଭାସ୍କର ଜେନା
		୮୪୬୨	୦.୦୯୦	୦.୦୯୦	
୮୬	୬୫୮	୮୪୭୫	୦.୧୨୦	୦.୧୨୦	ତ୍ରିନାଥ ରାଉତ, ପି: ଗୋକୁଳ ରାଉତ
		୮୪୭୮	୦.୦୫୦	୦.୦୫୦	
୮୭	୬୬୬	୮୪୯୦	୦.୦୭୦	୦.୦୭୦	ଦୁର୍ଯ୍ୟୋଧନ ପରିଡା, ପି: ଗଣେଶ ପରିଡା
		୮୪୯୩	୦.୦୪୦	୦.୦୪୦	
୮୮	୬୭୩	୮୫୦୬	୦.୨୨୦	୦.୦୮୦	ଶରତ ଚନ୍ଦ୍ର ବେହେରା, ପି: ଗୋପୀ ବେହେରା
		୮୫୦୯	୦.୦୬୦	୦.୦୬୦	
୮୯	୬୮୧	୮୫୨୧	୦.୧୫୦	୦.୧୫୦	ନୀଳମଣି ପ୍ରଧାନ, ପି: ଦିନବନ୍ଧୁ ପ୍ରଧାନ
		୮୫୨୪	୦.୦୮୦	୦.୦୮୦	
୯୦	୬୮୮	୮୫୩୭	୦.୧୨୦	୦.୧୨୦	ଗୋବିନ୍ଦ ଚନ୍ଦ୍ର ସାହୁ, ପି: କୃପାସିନ୍ଧୁ ସାହୁ
		୮୫୪୦	୦.୦୫୦	୦.୦୫୦	
୯୧	୬୯୬	୮୫୫୨	୦.୦୯୦	୦.୦୯୦	କୁମୁଦ ଚନ୍ଦ୍ର ବଳ, ପି: ଧ୍ରୁବ ବଳ
		୮୫୫୫	୦.୦୪୦	୦.୦୪୦	
୯୨	୭୦୩	୮୫୬୮	୦.୨୬୦	୦.୦୬୦	ବଳରାମ ସାହୁ, ପି: ଜଗୁ ସାହୁ
		୮୫୭୧	୦.୦୭୦	୦.୦୭୦	
୯୩	୭୧୧	୮୫୮୩	୦.୧୮୦	୦.୧୮୦	କାଶୀନାଥ ସାହୁ, ପି: ପଦ୍ମନ ସାହୁ
		୮୫୮୬	୦.୦୬୦	୦.୦୬୦	
୯୪	୭୧୮	୮୫୯୯	୦.୧୨୦	୦.୧୨୦	କୃଷ୍ଣ ସାହୁ, ପି: ହଟ ସାହୁ
		୮୬୦୨	୦.୦୫୦	୦.୦୫୦	
୯୫	୭୨୬	୮୬୧୪	୦.୦୮୦	୦.୦୮୦	ଭୁବନାନନ୍ଦ ମଲ୍ଲିକ, ପି: କୁଶ ମଲ୍ଲିକ
		୮୬୧୭	୦.୦୪୦	୦.୦୪୦	
୯୬	୭୩୩	୮୬୩୦	୦.୨୨୦	୦.୦୮୦	କୈଳାସ ଚନ୍ଦ୍ର ବିଶ୍ୱାଳ, ପି: ଲକ୍ଷ୍ମୀଧର ବିଶ୍ୱାଳ
		୮୬୩୩	୦.୦୯୦	୦.୦୯୦	
୯୭	୭୪୧	୮୬୪୫	୦.୧୫୦	୦.୧୫୦	ଗୋପାଳ ସାହୁ, ପି: ଦୀନବନ୍ଧୁ ସାହୁ
		୮୬୪୮	୦.୦୬୦	୦.୦୬୦	
୯୮	୭୪୮	୮୬୬୧	୦.୧୨୦	୦.୧୨୦	ଉଦ୍ଧବ ମହାରଣା, ପି: ଦାମୋଦର ମହାରଣା
		୮୬୬୪	୦.୦୫୦	୦.୦୫୦	
୯୯	୭୫୬	୮୬୭୬	୦.୩୪୦	୦.୧୦୦	ନରସିଂହ ସ୍ୱାଇଁ, ପି: ପଦଲୋଚନ ସ୍ୱାଇଁ
		୮୬୭୯	୦.୦୭୦	୦.୦୭୦	
୧୦୦	୭୬୩	୮୬୯୨	୦.୦୬୦	୦.୦୬୦	ଭାସ୍କର ପରିଡା, ପି: ଶ୍ରୀଧର ପରିଡା
		୮୬୯୫	୦.୦୪୦	୦.୦୪୦	
୧୦୧	୭୭୧	୮୭୦୭	୦.୨୨୦	୦.୦୮୦	ରଘୁନାଥ ଭୋଇ, ପି: ଖଗେଶ୍ୱର ଭୋଇ
		୮୭୧୦	୦.୦୯୦	୦.୦୯୦	
୧୦୨	୭୭୮	୮୭୨୩	୦.୧୫୦	୦.୧୫୦	ଗଙ୍ଗାଧର ବାରିକ, ପି: ଅନନ୍ତ ବାରିକ
		୮୭୨୬	୦.୦୬୦	୦.୦୬୦	
୧୦୩	୭୮୬	୮୭୩୮	୦.୧୨୦	୦.୧୨୦	ପ୍ରାଣନାଥ ସାହୁ, ପି: ବଙ୍କୁ ସାହୁ
		୮୭୪୧	୦.୦୫୦	୦.୦୫୦	
୧୦୪	୭୯୩	୮୭୫୪	୦.୦୯୦	୦.୦୯୦	ଦୟାନିଧି ସାହୁ, ପି: ଚକ୍ରଧର ସାହୁ
		୮୭୫୭	୦.୦୪୦	୦.୦୪୦	
୧୦୫	୮୦୧	୮୭୬୯	୦.୨୬୦	୦.୦୬୦	କୁଳମଣି ପ୍ରଧାନ, ପି: ନିତ୍ୟାନନ୍ଦ ପ୍ରଧାନ
		୮୭୭୨	୦.୦୭୦	୦.୦୭୦	
୧୦୬	୮୦୮	୮୭୮୫	୦.୧୮୦	୦.୧୮୦	ବାସୁଦେବ ସାହୁ, ପି: ଗଦାଧର ସାହୁ
		୮୭୮୮	୦.୦୬୦	୦.୦୬୦	
୧୦୭	୮୧୬	୮୮୦୦	୦.୧୨୦	୦.୧୨୦	ଲିଙ୍ଗରାଜ ନାହାକ, ପି: ଲଦୁ ନାହାକ
		୮୮୦୩	୦.୦୫୦	୦.୦୫୦	
				୭.୬୫୦	
୧୦୮	୮୨୩	୮୮୧୫	୦.୦୮୦	୦.୦୮୦	ଚନ୍ଦ୍ରମଣି ଦେଈ, ସ୍ୱା: ରଘୁ ସାହୁ
୧୦୯	୮୫୭	୮୮୬୦	୦.୧୨୦	୦.୧୨୦	ହ୍ରୁଷି ସାହୁ, ପି: ଶ୍ୟାମ ସାହୁ
SEE NEXT
